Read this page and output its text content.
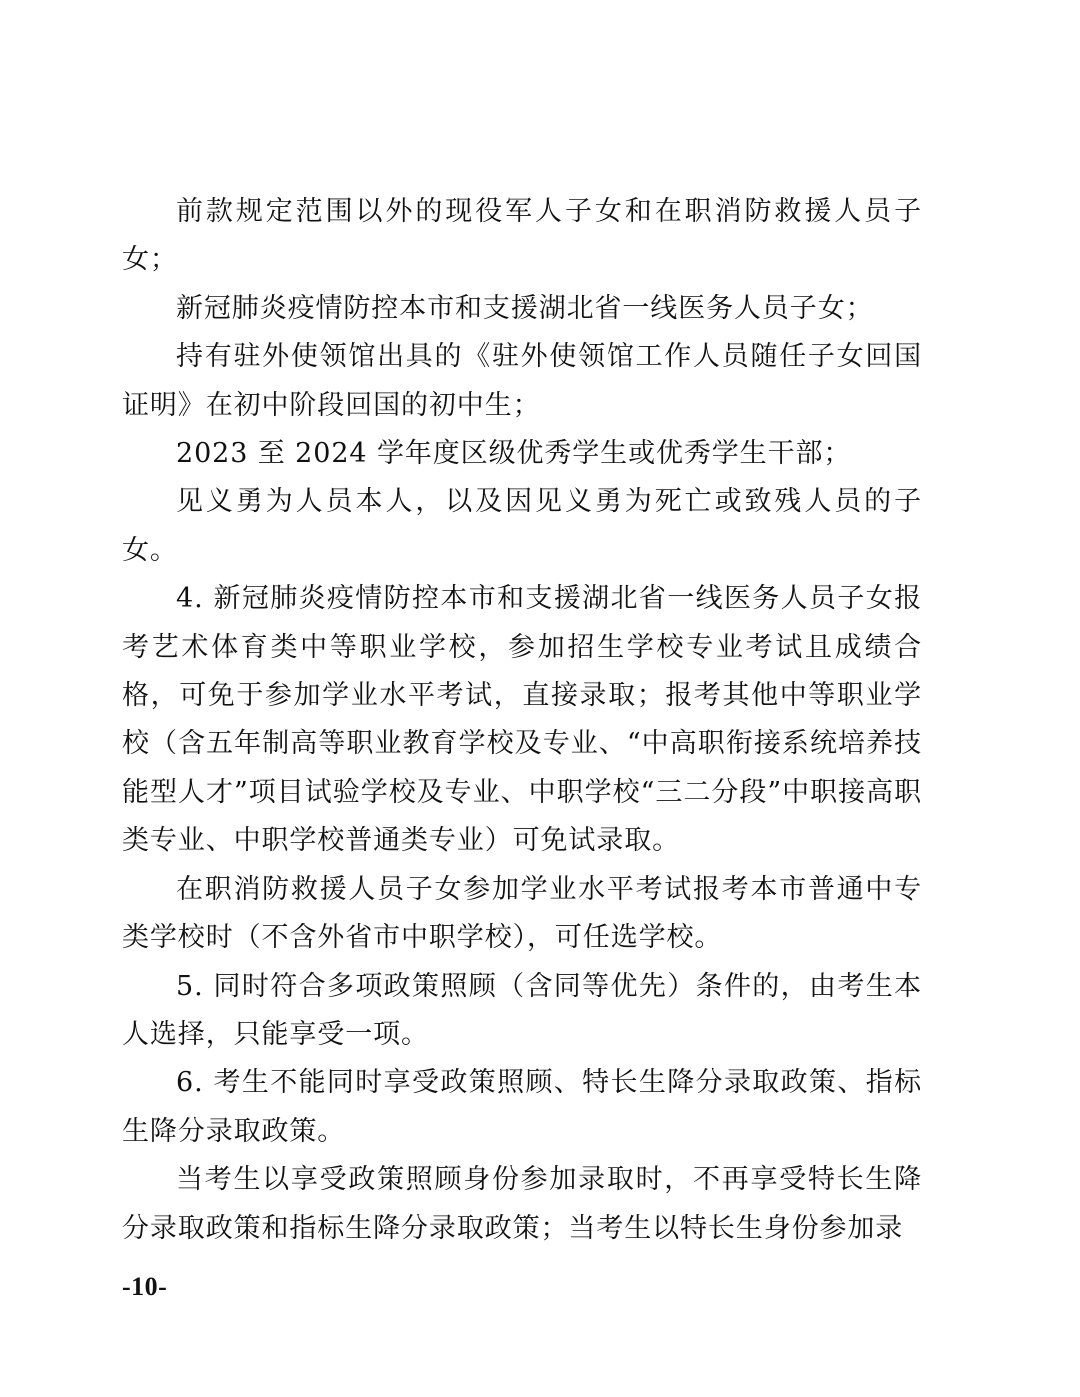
前款规定范围以外的现役军人子女和在职消防救援人员子女；

新冠肺炎疫情防控本市和支援湖北省一线医务人员子女；

持有驻外使领馆出具的《驻外使领馆工作人员随任子女回国证明》在初中阶段回国的初中生；

2023 至 2024 学年度区级优秀学生或优秀学生干部；

见义勇为人员本人，以及因见义勇为死亡或致残人员的子女。

4. 新冠肺炎疫情防控本市和支援湖北省一线医务人员子女报考艺术体育类中等职业学校，参加招生学校专业考试且成绩合格，可免于参加学业水平考试，直接录取；报考其他中等职业学校（含五年制高等职业教育学校及专业、“中高职衔接系统培养技能型人才”项目试验学校及专业、中职学校“三二分段”中职接高职类专业、中职学校普通类专业）可免试录取。

在职消防救援人员子女参加学业水平考试报考本市普通中专类学校时（不含外省市中职学校），可任选学校。

5. 同时符合多项政策照顾（含同等优先）条件的，由考生本人选择，只能享受一项。

6. 考生不能同时享受政策照顾、特长生降分录取政策、指标生降分录取政策。

当考生以享受政策照顾身份参加录取时，不再享受特长生降分录取政策和指标生降分录取政策；当考生以特长生身份参加录

-10-
